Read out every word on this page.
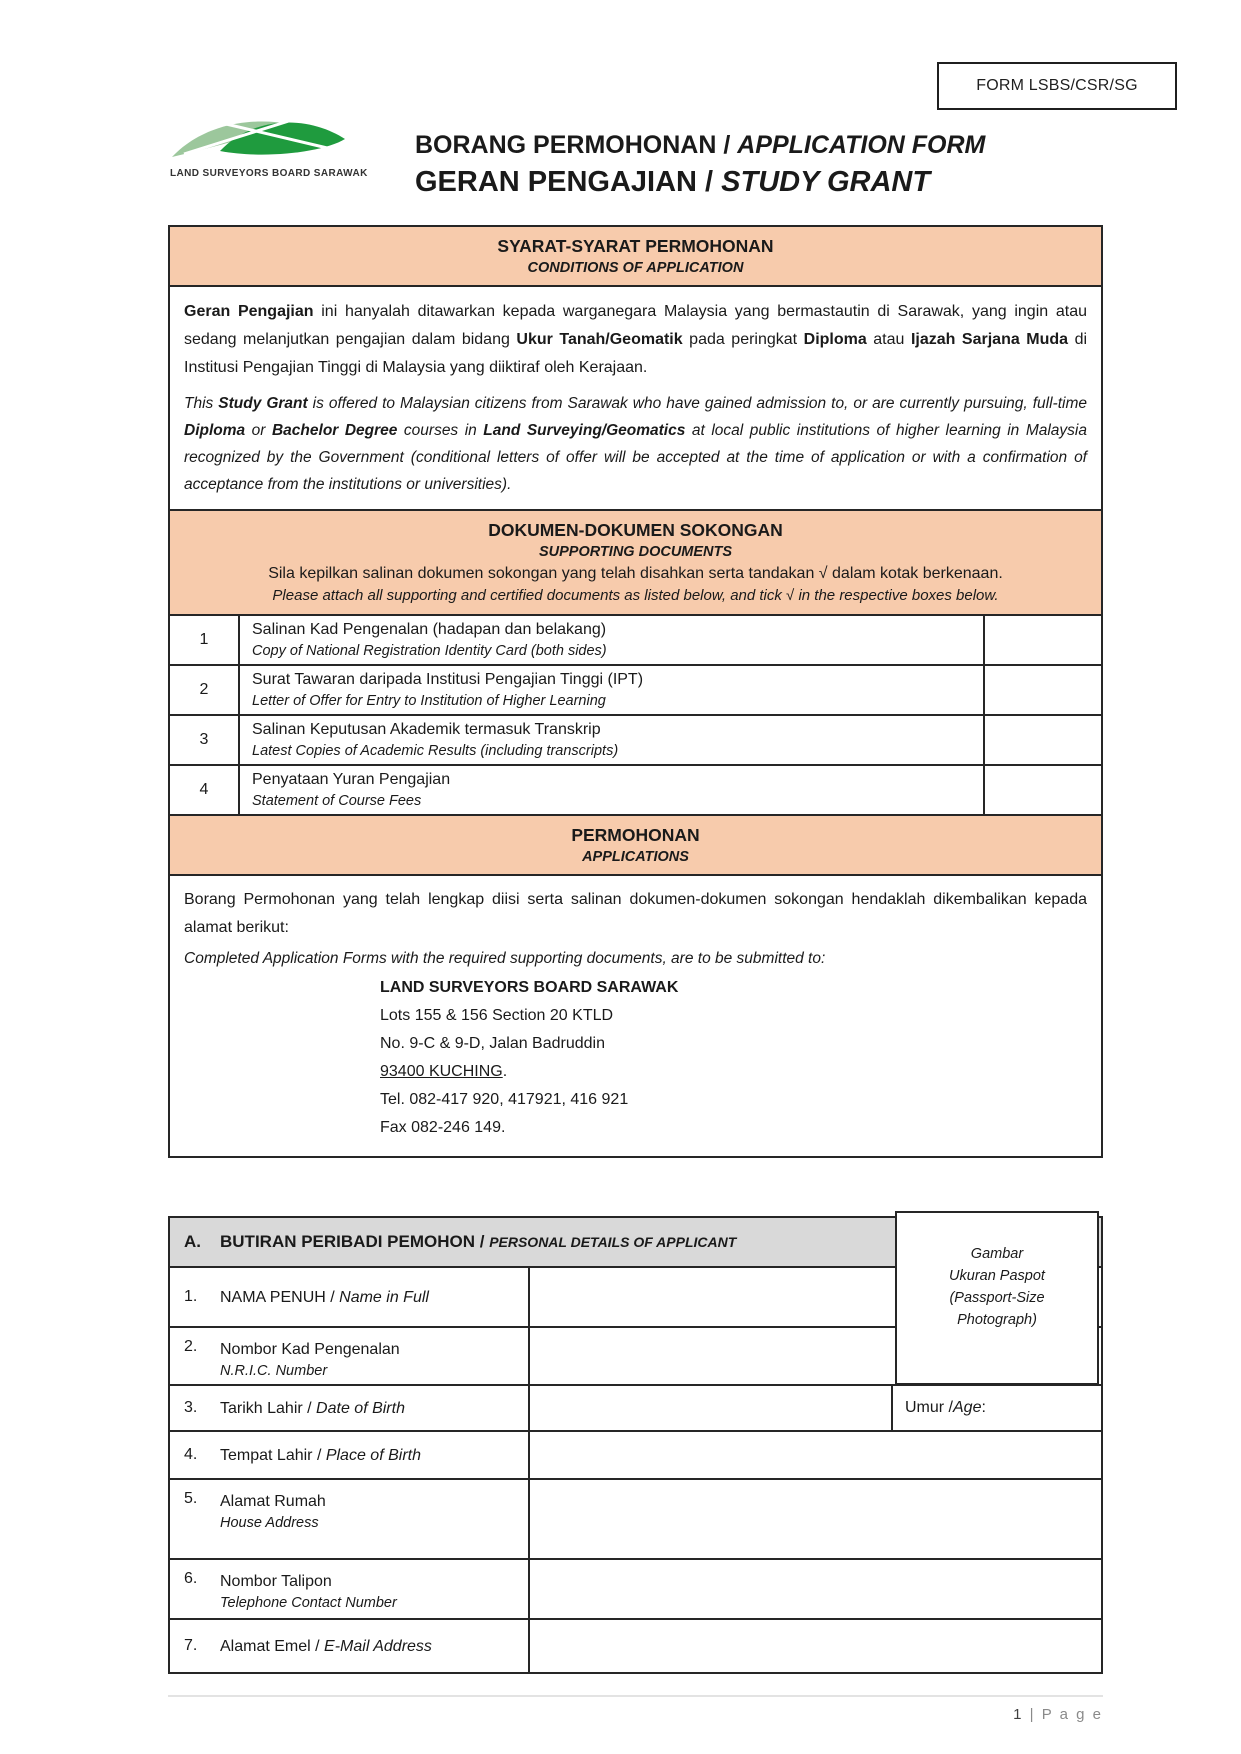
FORM LSBS/CSR/SG
LAND SURVEYORS BOARD SARAWAK
BORANG PERMOHONAN / APPLICATION FORM
GERAN PENGAJIAN / STUDY GRANT
SYARAT-SYARAT PERMOHONAN
CONDITIONS OF APPLICATION
Geran Pengajian ini hanyalah ditawarkan kepada warganegara Malaysia yang bermastautin di Sarawak, yang ingin atau sedang melanjutkan pengajian dalam bidang Ukur Tanah/Geomatik pada peringkat Diploma atau Ijazah Sarjana Muda di Institusi Pengajian Tinggi di Malaysia yang diiktiraf oleh Kerajaan.
This Study Grant is offered to Malaysian citizens from Sarawak who have gained admission to, or are currently pursuing, full-time Diploma or Bachelor Degree courses in Land Surveying/Geomatics at local public institutions of higher learning in Malaysia recognized by the Government (conditional letters of offer will be accepted at the time of application or with a confirmation of acceptance from the institutions or universities).
DOKUMEN-DOKUMEN SOKONGAN
SUPPORTING DOCUMENTS
Sila kepilkan salinan dokumen sokongan yang telah disahkan serta tandakan √ dalam kotak berkenaan.
Please attach all supporting and certified documents as listed below, and tick √ in the respective boxes below.
1
Salinan Kad Pengenalan (hadapan dan belakang)
Copy of National Registration Identity Card (both sides)
2
Surat Tawaran daripada Institusi Pengajian Tinggi (IPT)
Letter of Offer for Entry to Institution of Higher Learning
3
Salinan Keputusan Akademik termasuk Transkrip
Latest Copies of Academic Results (including transcripts)
4
Penyataan Yuran Pengajian
Statement of Course Fees
PERMOHONAN
APPLICATIONS
Borang Permohonan yang telah lengkap diisi serta salinan dokumen-dokumen sokongan hendaklah dikembalikan kepada alamat berikut:
Completed Application Forms with the required supporting documents, are to be submitted to:
LAND SURVEYORS BOARD SARAWAK
Lots 155 & 156 Section 20 KTLD
No. 9-C & 9-D, Jalan Badruddin
93400 KUCHING.
Tel. 082-417 920, 417921, 416 921
Fax 082-246 149.
Gambar
Ukuran Paspot
(Passport-Size
Photograph)
A.	BUTIRAN PERIBADI PEMOHON / PERSONAL DETAILS OF APPLICANT
1.	NAMA PENUH / Name in Full
2.	Nombor Kad Pengenalan
N.R.I.C. Number
3.	Tarikh Lahir / Date of Birth	Umur / Age :
4.	Tempat Lahir / Place of Birth
5.	Alamat Rumah
House Address
6.	Nombor Talipon
Telephone Contact Number
7.	Alamat Emel / E-Mail Address
1 | P a g e
